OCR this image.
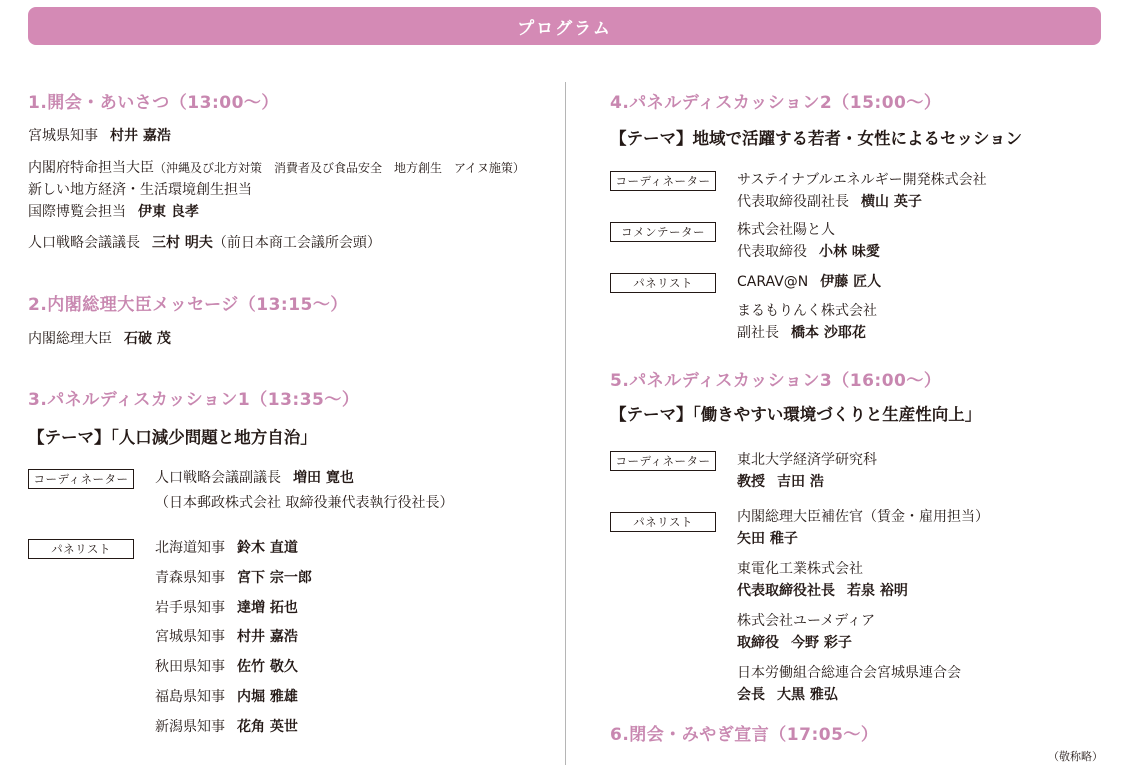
プログラム
1.開会・あいさつ（13:00〜）
宮城県知事 村井 嘉浩
内閣府特命担当大臣（沖縄及び北方対策　消費者及び食品安全　地方創生　アイヌ施策）
新しい地方経済・生活環境創生担当
国際博覧会担当 伊東 良孝
人口戦略会議議長 三村 明夫（前日本商工会議所会頭）
2.内閣総理大臣メッセージ（13:15〜）
内閣総理大臣 石破 茂
3.パネルディスカッション1（13:35〜）
【テーマ】「人口減少問題と地方自治」
コーディネーター	人口戦略会議副議長 増田 寛也
（日本郵政株式会社 取締役兼代表執行役社長）
パネリスト	北海道知事 鈴木 直道
青森県知事 宮下 宗一郎
岩手県知事 達増 拓也
宮城県知事 村井 嘉浩
秋田県知事 佐竹 敬久
福島県知事 内堀 雅雄
新潟県知事 花角 英世
4.パネルディスカッション2（15:00〜）
【テーマ】地域で活躍する若者・女性によるセッション
コーディネーター	サステイナブルエネルギー開発株式会社
代表取締役副社長 横山 英子
コメンテーター	株式会社陽と人
代表取締役 小林 味愛
パネリスト	CARAV@N 伊藤 匠人
まるもりんく株式会社
副社長 橋本 沙耶花
5.パネルディスカッション3（16:00〜）
【テーマ】「働きやすい環境づくりと生産性向上」
コーディネーター	東北大学経済学研究科
教授 吉田 浩
パネリスト	内閣総理大臣補佐官（賃金・雇用担当）
矢田 稚子
東電化工業株式会社
代表取締役社長 若泉 裕明
株式会社ユーメディア
取締役 今野 彩子
日本労働組合総連合会宮城県連合会
会長 大黒 雅弘
6.閉会・みやぎ宣言（17:05〜）
（敬称略）
